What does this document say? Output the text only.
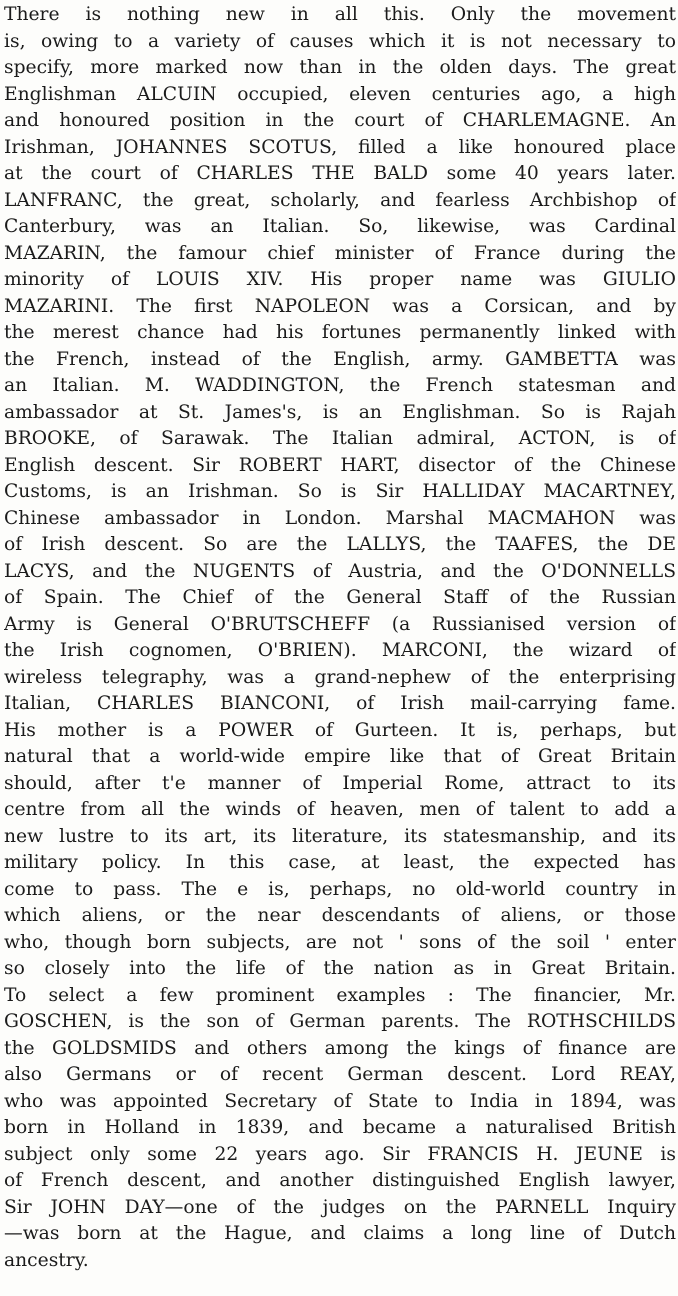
There is nothing new in all this. Only the movement
is, owing to a variety of causes which it is not necessary to
specify, more marked now than in the olden days. The great
Englishman ALCUIN occupied, eleven centuries ago, a high
and honoured position in the court of CHARLEMAGNE. An
Irishman, JOHANNES SCOTUS, filled a like honoured place
at the court of CHARLES THE BALD some 40 years later.
LANFRANC, the great, scholarly, and fearless Archbishop of
Canterbury, was an Italian. So, likewise, was Cardinal
MAZARIN, the famour chief minister of France during the
minority of LOUIS XIV. His proper name was GIULIO
MAZARINI. The first NAPOLEON was a Corsican, and by
the merest chance had his fortunes permanently linked with
the French, instead of the English, army. GAMBETTA was
an Italian. M. WADDINGTON, the French statesman and
ambassador at St. James's, is an Englishman. So is Rajah
BROOKE, of Sarawak. The Italian admiral, ACTON, is of
English descent. Sir ROBERT HART, disector of the Chinese
Customs, is an Irishman. So is Sir HALLIDAY MACARTNEY,
Chinese ambassador in London. Marshal MACMAHON was
of Irish descent. So are the LALLYS, the TAAFES, the DE
LACYS, and the NUGENTS of Austria, and the O'DONNELLS
of Spain. The Chief of the General Staff of the Russian
Army is General O'BRUTSCHEFF (a Russianised version of
the Irish cognomen, O'BRIEN). MARCONI, the wizard of
wireless telegraphy, was a grand-nephew of the enterprising
Italian, CHARLES BIANCONI, of Irish mail-carrying fame.
His mother is a POWER of Gurteen. It is, perhaps, but
natural that a world-wide empire like that of Great Britain
should, after t'e manner of Imperial Rome, attract to its
centre from all the winds of heaven, men of talent to add a
new lustre to its art, its literature, its statesmanship, and its
military policy. In this case, at least, the expected has
come to pass. The e is, perhaps, no old-world country in
which aliens, or the near descendants of aliens, or those
who, though born subjects, are not ' sons of the soil ' enter
so closely into the life of the nation as in Great Britain.
To select a few prominent examples : The financier, Mr.
GOSCHEN, is the son of German parents. The ROTHSCHILDS
the GOLDSMIDS and others among the kings of finance are
also Germans or of recent German descent. Lord REAY,
who was appointed Secretary of State to India in 1894, was
born in Holland in 1839, and became a naturalised British
subject only some 22 years ago. Sir FRANCIS H. JEUNE is
of French descent, and another distinguished English lawyer,
Sir JOHN DAY—one of the judges on the PARNELL Inquiry
—was born at the Hague, and claims a long line of Dutch
ancestry.
